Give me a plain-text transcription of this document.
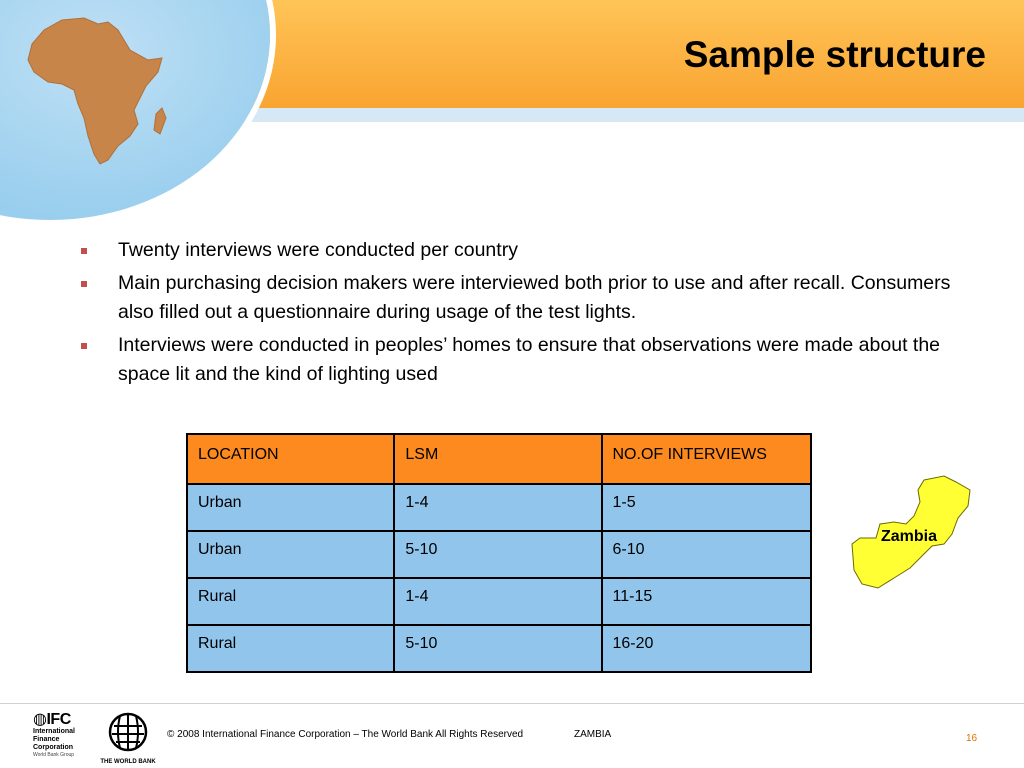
Sample structure
Twenty interviews were conducted per country
Main purchasing decision makers were interviewed both prior to use and after recall. Consumers also filled out a questionnaire during usage of the test lights.
Interviews were conducted in peoples’ homes to ensure that observations were made about the space lit and the kind of lighting used
LOCATION	LSM	NO.OF INTERVIEWS
Urban	1-4	1-5
Urban	5-10	6-10
Rural	1-4	11-15
Rural	5-10	16-20
Zambia
◍IFC
International
Finance
Corporation
World Bank Group
THE WORLD BANK
© 2008 International Finance Corporation – The World Bank All Rights Reserved	ZAMBIA	16
